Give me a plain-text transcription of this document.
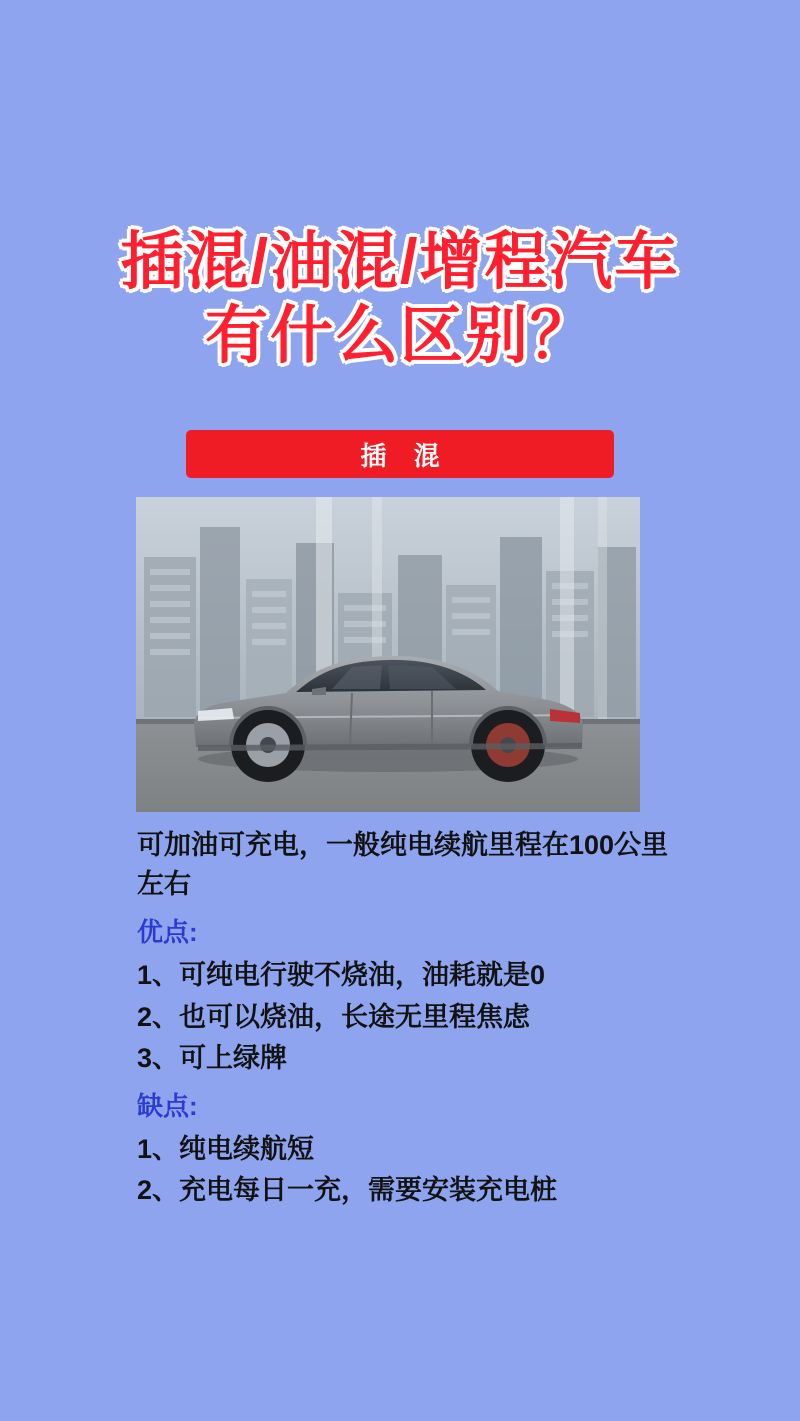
插混/油混/增程汽车
有什么区别？
插 混

可加油可充电，一般纯电续航里程在100公里左右

优点:

1、可纯电行驶不烧油，油耗就是0

2、也可以烧油，长途无里程焦虑

3、可上绿牌

缺点:

1、纯电续航短

2、充电每日一充，需要安装充电桩
